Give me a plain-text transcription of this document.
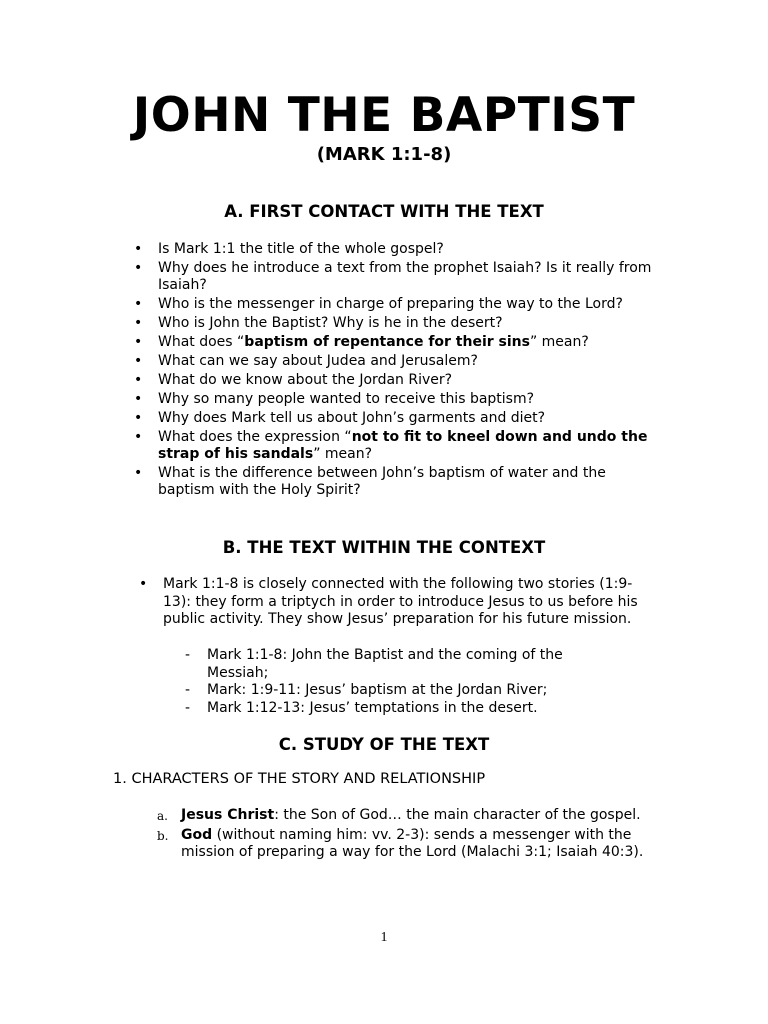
JOHN THE BAPTIST
(MARK 1:1-8)
A. FIRST CONTACT WITH THE TEXT
• Is Mark 1:1 the title of the whole gospel?
• Why does he introduce a text from the prophet Isaiah? Is it really from Isaiah?
• Who is the messenger in charge of preparing the way to the Lord?
• Who is John the Baptist? Why is he in the desert?
• What does “baptism of repentance for their sins” mean?
• What can we say about Judea and Jerusalem?
• What do we know about the Jordan River?
• Why so many people wanted to receive this baptism?
• Why does Mark tell us about John’s garments and diet?
• What does the expression “not to fit to kneel down and undo the strap of his sandals” mean?
• What is the difference between John’s baptism of water and the baptism with the Holy Spirit?
B. THE TEXT WITHIN THE CONTEXT
• Mark 1:1-8 is closely connected with the following two stories (1:9-13): they form a triptych in order to introduce Jesus to us before his public activity. They show Jesus’ preparation for his future mission.
- Mark 1:1-8: John the Baptist and the coming of the Messiah;
- Mark: 1:9-11: Jesus’ baptism at the Jordan River;
- Mark 1:12-13: Jesus’ temptations in the desert.
C. STUDY OF THE TEXT
1. CHARACTERS OF THE STORY AND RELATIONSHIP
a. Jesus Christ: the Son of God… the main character of the gospel.
b. God (without naming him: vv. 2-3): sends a messenger with the mission of preparing a way for the Lord (Malachi 3:1; Isaiah 40:3).
1
